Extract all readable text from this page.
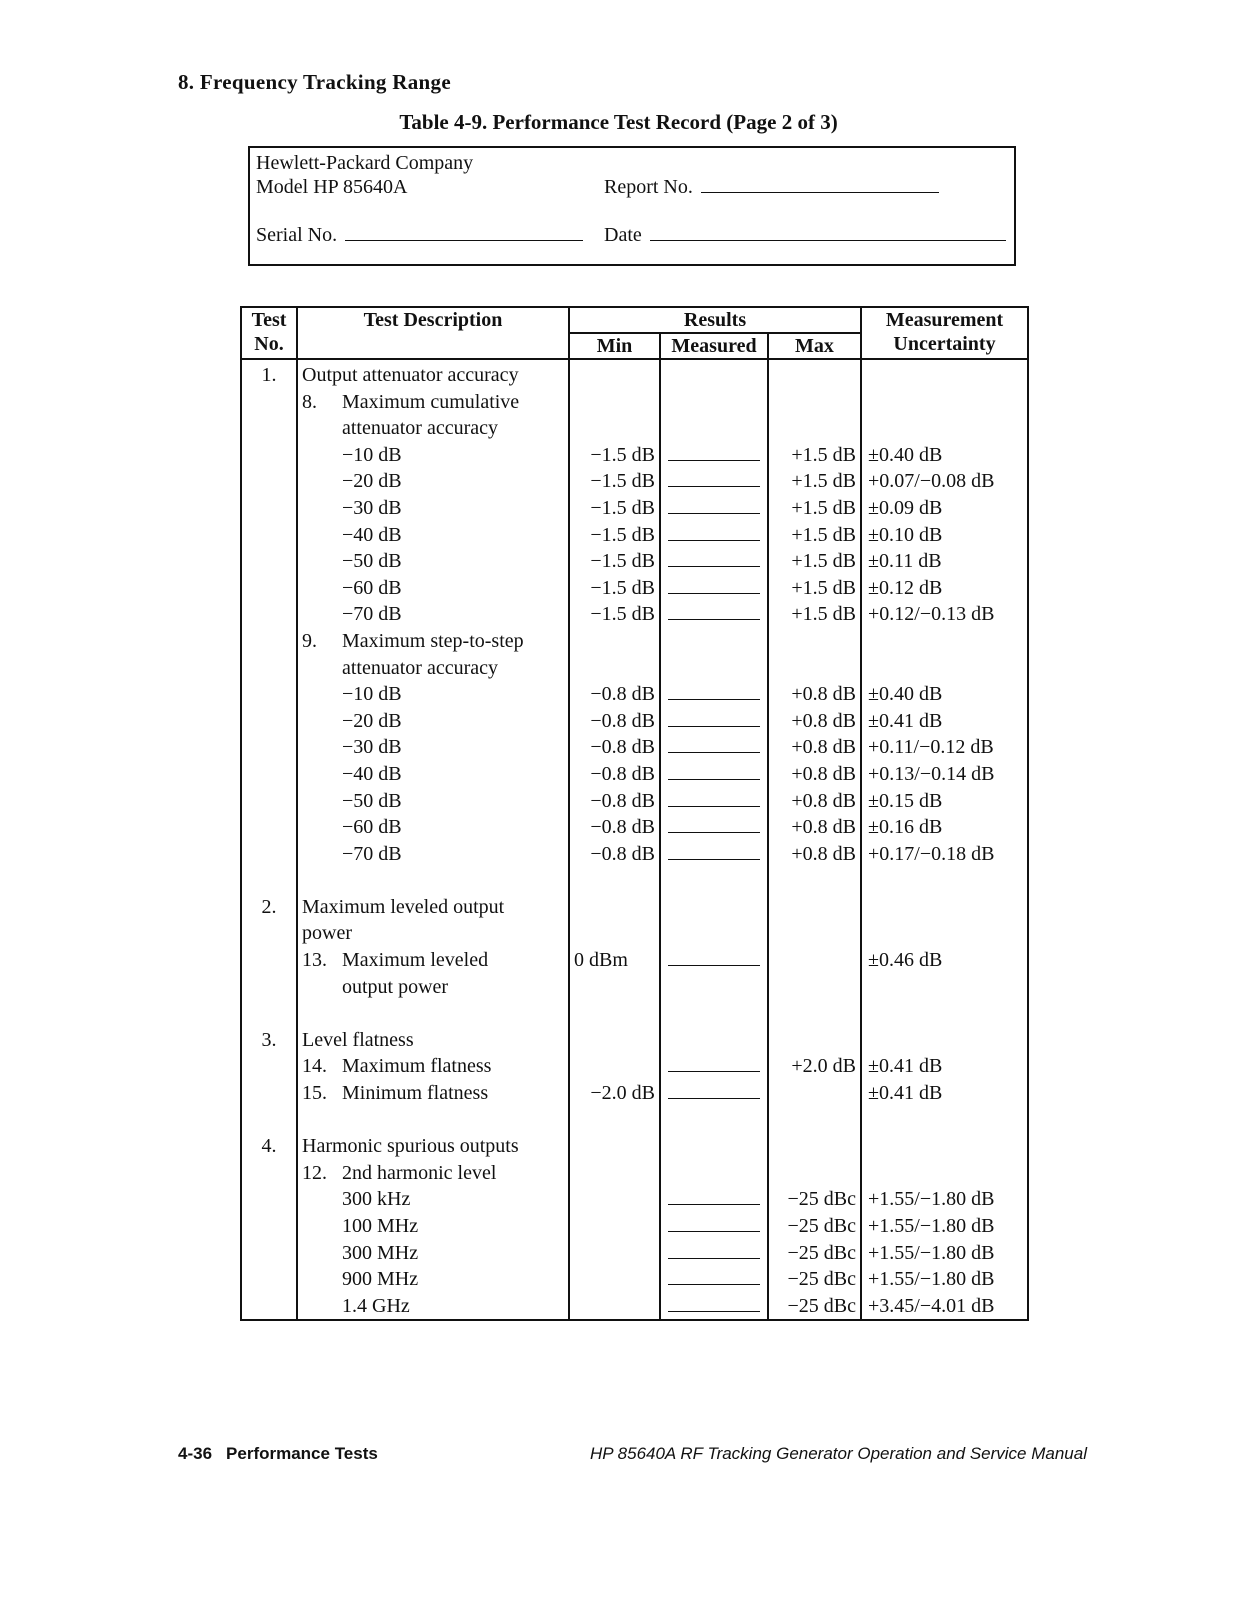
8. Frequency Tracking Range
Table 4-9. Performance Test Record (Page 2 of 3)
Hewlett-Packard Company
Model HP 85640A	Report No.
Serial No.	Date
Test
No.	Test Description	Results			Measurement
Uncertainty
		Min	Measured	Max	
1.	Output attenuator accuracy				
	8. Maximum cumulative				
	attenuator accuracy				
	−10 dB	−1.5 dB		+1.5 dB	±0.40 dB
	−20 dB	−1.5 dB		+1.5 dB	+0.07/−0.08 dB
	−30 dB	−1.5 dB		+1.5 dB	±0.09 dB
	−40 dB	−1.5 dB		+1.5 dB	±0.10 dB
	−50 dB	−1.5 dB		+1.5 dB	±0.11 dB
	−60 dB	−1.5 dB		+1.5 dB	±0.12 dB
	−70 dB	−1.5 dB		+1.5 dB	+0.12/−0.13 dB
	9. Maximum step-to-step				
	attenuator accuracy				
	−10 dB	−0.8 dB		+0.8 dB	±0.40 dB
	−20 dB	−0.8 dB		+0.8 dB	±0.41 dB
	−30 dB	−0.8 dB		+0.8 dB	+0.11/−0.12 dB
	−40 dB	−0.8 dB		+0.8 dB	+0.13/−0.14 dB
	−50 dB	−0.8 dB		+0.8 dB	±0.15 dB
	−60 dB	−0.8 dB		+0.8 dB	±0.16 dB
	−70 dB	−0.8 dB		+0.8 dB	+0.17/−0.18 dB

2.	Maximum leveled output				
	power				
	13. Maximum leveled	0 dBm			±0.46 dB
	output power				

3.	Level flatness				
	14. Maximum flatness			+2.0 dB	±0.41 dB
	15. Minimum flatness	−2.0 dB			±0.41 dB

4.	Harmonic spurious outputs				
	12. 2nd harmonic level				
	300 kHz			−25 dBc	+1.55/−1.80 dB
	100 MHz			−25 dBc	+1.55/−1.80 dB
	300 MHz			−25 dBc	+1.55/−1.80 dB
	900 MHz			−25 dBc	+1.55/−1.80 dB
	1.4 GHz			−25 dBc	+3.45/−4.01 dB
4-36 Performance Tests	HP 85640A RF Tracking Generator Operation and Service Manual
